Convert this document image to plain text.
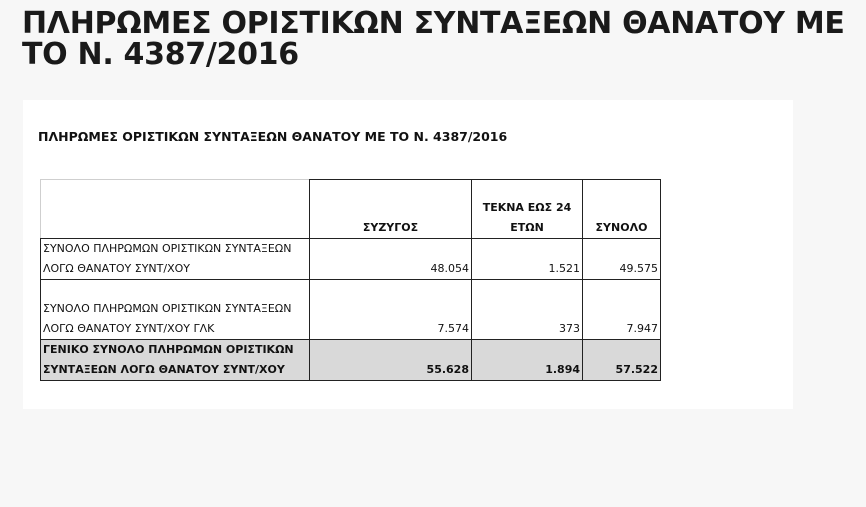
ΠΛΗΡΩΜΕΣ ΟΡΙΣΤΙΚΩΝ ΣΥΝΤΑΞΕΩΝ ΘΑΝΑΤΟΥ ΜΕ ΤΟ Ν. 4387/2016
ΠΛΗΡΩΜΕΣ ΟΡΙΣΤΙΚΩΝ ΣΥΝΤΑΞΕΩΝ ΘΑΝΑΤΟΥ ΜΕ ΤΟ Ν. 4387/2016
	ΣΥΖΥΓΟΣ	ΤΕΚΝΑ ΕΩΣ 24 ΕΤΩΝ	ΣΥΝΟΛΟ
ΣΥΝΟΛΟ ΠΛΗΡΩΜΩΝ ΟΡΙΣΤΙΚΩΝ ΣΥΝΤΑΞΕΩΝ ΛΟΓΩ ΘΑΝΑΤΟΥ ΣΥΝΤ/ΧΟΥ	48.054	1.521	49.575
ΣΥΝΟΛΟ ΠΛΗΡΩΜΩΝ ΟΡΙΣΤΙΚΩΝ ΣΥΝΤΑΞΕΩΝ ΛΟΓΩ ΘΑΝΑΤΟΥ ΣΥΝΤ/ΧΟΥ ΓΛΚ	7.574	373	7.947
ΓΕΝΙΚΟ ΣΥΝΟΛΟ ΠΛΗΡΩΜΩΝ ΟΡΙΣΤΙΚΩΝ ΣΥΝΤΑΞΕΩΝ ΛΟΓΩ ΘΑΝΑΤΟΥ ΣΥΝΤ/ΧΟΥ	55.628	1.894	57.522
